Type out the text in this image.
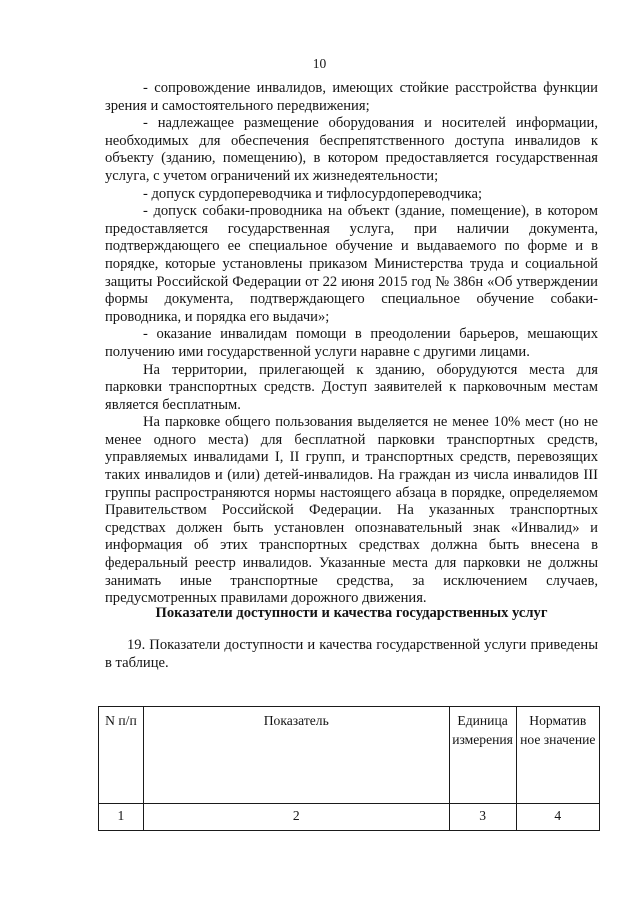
10

- сопровождение инвалидов, имеющих стойкие расстройства функции зрения и самостоятельного передвижения;

- надлежащее размещение оборудования и носителей информации, необходимых для обеспечения беспрепятственного доступа инвалидов к объекту (зданию, помещению), в котором предоставляется государственная услуга, с учетом ограничений их жизнедеятельности;

- допуск сурдопереводчика и тифлосурдопереводчика;

- допуск собаки-проводника на объект (здание, помещение), в котором предоставляется государственная услуга, при наличии документа, подтверждающего ее специальное обучение и выдаваемого по форме и в порядке, которые установлены приказом Министерства труда и социальной защиты Российской Федерации от 22 июня 2015 год № 386н «Об утверждении формы документа, подтверждающего специальное обучение собаки-проводника, и порядка его выдачи»;

- оказание инвалидам помощи в преодолении барьеров, мешающих получению ими государственной услуги наравне с другими лицами.

На территории, прилегающей к зданию, оборудуются места для парковки транспортных средств. Доступ заявителей к парковочным местам является бесплатным.

На парковке общего пользования выделяется не менее 10% мест (но не менее одного места) для бесплатной парковки транспортных средств, управляемых инвалидами I, II групп, и транспортных средств, перевозящих таких инвалидов и (или) детей-инвалидов. На граждан из числа инвалидов III группы распространяются нормы настоящего абзаца в порядке, определяемом Правительством Российской Федерации. На указанных транспортных средствах должен быть установлен опознавательный знак «Инвалид» и информация об этих транспортных средствах должна быть внесена в федеральный реестр инвалидов. Указанные места для парковки не должны занимать иные транспортные средства, за исключением случаев, предусмотренных правилами дорожного движения.

Показатели доступности и качества государственных услуг

19. Показатели доступности и качества государственной услуги приведены в таблице.

N п/п	Показатель	Единица измерения	Норматив ное значение

1	2	3	4
